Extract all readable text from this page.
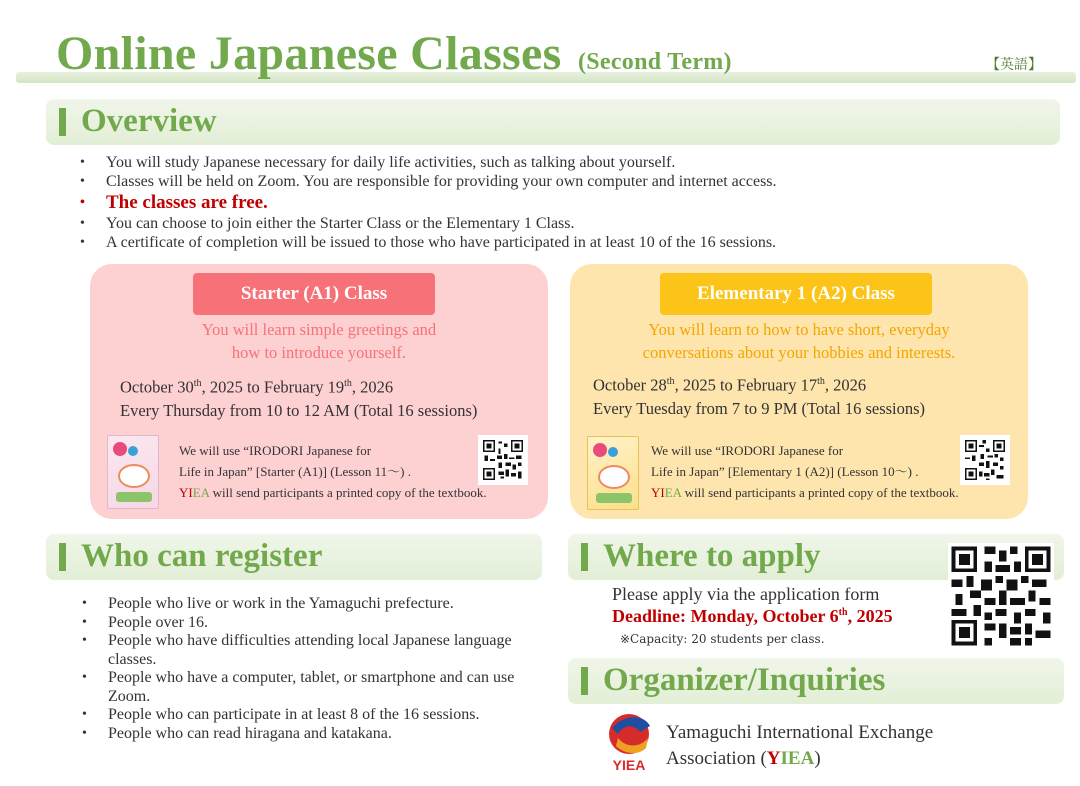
Online Japanese Classes (Second Term)	【英語】
Overview
• You will study Japanese necessary for daily life activities, such as talking about yourself.
• Classes will be held on Zoom. You are responsible for providing your own computer and internet access.
• The classes are free.
• You can choose to join either the Starter Class or the Elementary 1 Class.
• A certificate of completion will be issued to those who have participated in at least 10 of the 16 sessions.
Starter (A1) Class
You will learn simple greetings and
how to introduce yourself.
October 30th, 2025 to February 19th, 2026
Every Thursday from 10 to 12 AM (Total 16 sessions)
We will use “IRODORI Japanese for
Life in Japan” [Starter (A1)] (Lesson 11〜) .
YIEA will send participants a printed copy of the textbook.
Elementary 1 (A2) Class
You will learn to how to have short, everyday
conversations about your hobbies and interests.
October 28th, 2025 to February 17th, 2026
Every Tuesday from 7 to 9 PM (Total 16 sessions)
We will use “IRODORI Japanese for
Life in Japan” [Elementary 1 (A2)] (Lesson 10〜) .
YIEA will send participants a printed copy of the textbook.
Who can register
• People who live or work in the Yamaguchi prefecture.
• People over 16.
• People who have difficulties attending local Japanese language classes.
• People who have a computer, tablet, or smartphone and can use Zoom.
• People who can participate in at least 8 of the 16 sessions.
• People who can read hiragana and katakana.
Where to apply
Please apply via the application form
Deadline: Monday, October 6th, 2025
※Capacity: 20 students per class.
Organizer/Inquiries
YIEA
Yamaguchi International Exchange
Association (YIEA)
